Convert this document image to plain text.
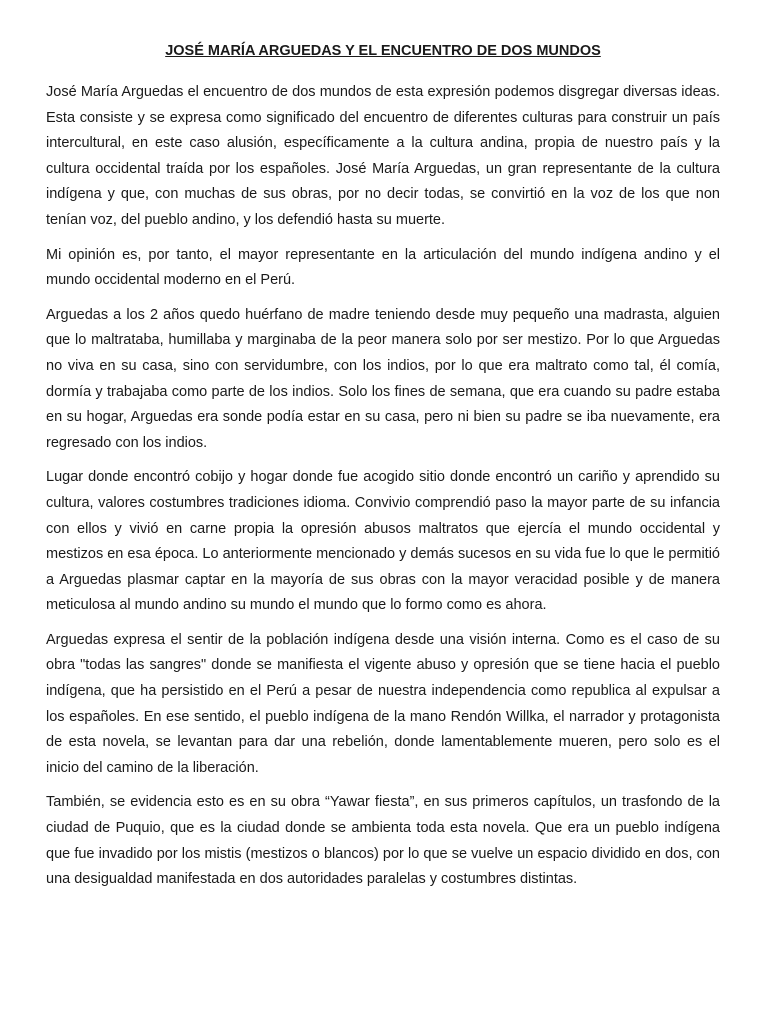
JOSÉ MARÍA ARGUEDAS Y EL ENCUENTRO DE DOS MUNDOS

José María Arguedas el encuentro de dos mundos de esta expresión podemos disgregar diversas ideas. Esta consiste y se expresa como significado del encuentro de diferentes culturas para construir un país intercultural, en este caso alusión, específicamente a la cultura andina, propia de nuestro país y la cultura occidental traída por los españoles. José María Arguedas, un gran representante de la cultura indígena y que, con muchas de sus obras, por no decir todas, se convirtió en la voz de los que non tenían voz, del pueblo andino, y los defendió hasta su muerte.

Mi opinión es, por tanto, el mayor representante en la articulación del mundo indígena andino y el mundo occidental moderno en el Perú.

Arguedas a los 2 años quedo huérfano de madre teniendo desde muy pequeño una madrasta, alguien que lo maltrataba, humillaba y marginaba de la peor manera solo por ser mestizo. Por lo que Arguedas no viva en su casa, sino con servidumbre, con los indios, por lo que era maltrato como tal, él comía, dormía y trabajaba como parte de los indios. Solo los fines de semana, que era cuando su padre estaba en su hogar, Arguedas era sonde podía estar en su casa, pero ni bien su padre se iba nuevamente, era regresado con los indios.

Lugar donde encontró cobijo y hogar donde fue acogido sitio donde encontró un cariño y aprendido su cultura, valores costumbres tradiciones idioma. Convivio comprendió paso la mayor parte de su infancia con ellos y vivió en carne propia la opresión abusos maltratos que ejercía el mundo occidental y mestizos en esa época. Lo anteriormente mencionado y demás sucesos en su vida fue lo que le permitió a Arguedas plasmar captar en la mayoría de sus obras con la mayor veracidad posible y de manera meticulosa al mundo andino su mundo el mundo que lo formo como es ahora.

Arguedas expresa el sentir de la población indígena desde una visión interna. Como es el caso de su obra "todas las sangres" donde se manifiesta el vigente abuso y opresión que se tiene hacia el pueblo indígena, que ha persistido en el Perú a pesar de nuestra independencia como republica al expulsar a los españoles. En ese sentido, el pueblo indígena de la mano Rendón Willka, el narrador y protagonista de esta novela, se levantan para dar una rebelión, donde lamentablemente mueren, pero solo es el inicio del camino de la liberación.

También, se evidencia esto es en su obra “Yawar fiesta”, en sus primeros capítulos, un trasfondo de la ciudad de Puquio, que es la ciudad donde se ambienta toda esta novela. Que era un pueblo indígena que fue invadido por los mistis (mestizos o blancos) por lo que se vuelve un espacio dividido en dos, con una desigualdad manifestada en dos autoridades paralelas y costumbres distintas.
